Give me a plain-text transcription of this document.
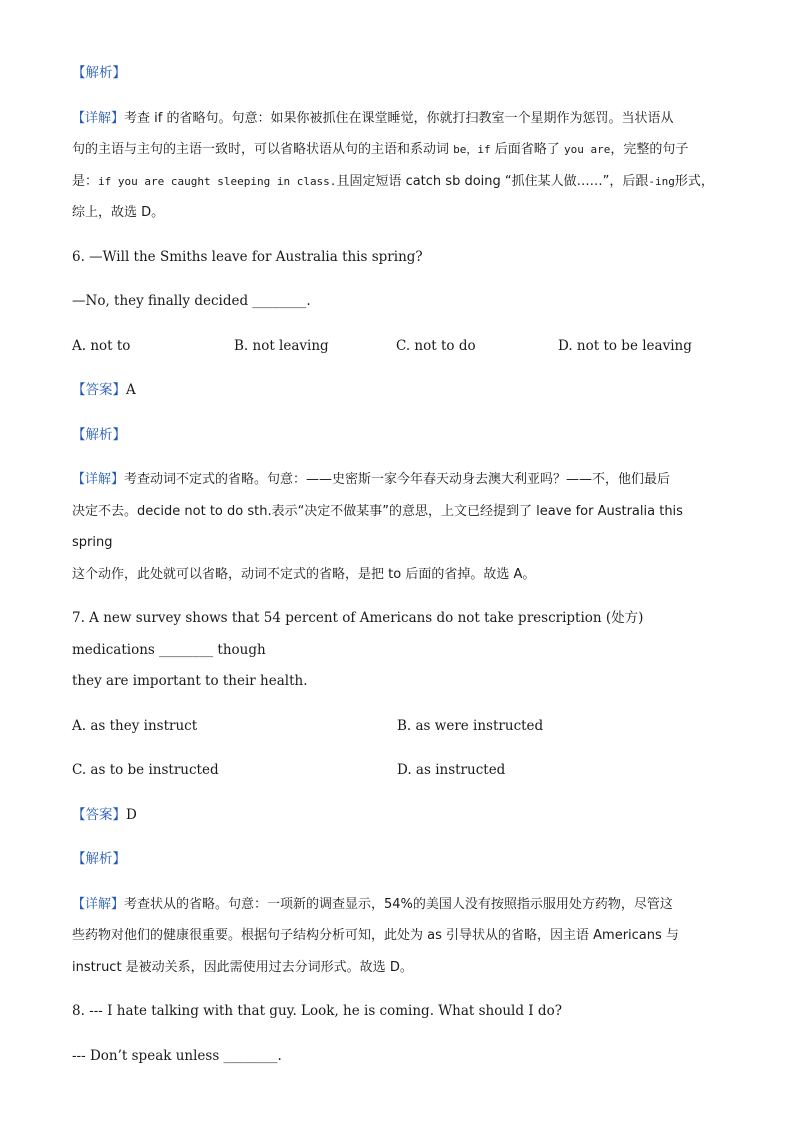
【解析】

【详解】考查 if 的省略句。句意：如果你被抓住在课堂睡觉，你就打扫教室一个星期作为惩罚。当状语从

句的主语与主句的主语一致时，可以省略状语从句的主语和系动词 be，if 后面省略了 you are，完整的句子

是：if you are caught sleeping in class.且固定短语 catch sb doing “抓住某人做……”，后跟-ing形式，

综上，故选 D。

6. —Will the Smiths leave for Australia this spring?

—No, they finally decided ________.

A. not to	B. not leaving	C. not to do	D. not to be leaving

【答案】A

【解析】

【详解】考查动词不定式的省略。句意：——史密斯一家今年春天动身去澳大利亚吗？——不，他们最后

决定不去。decide not to do sth.表示“决定不做某事”的意思，上文已经提到了 leave for Australia this spring

这个动作，此处就可以省略，动词不定式的省略，是把 to 后面的省掉。故选 A。

7. A new survey shows that 54 percent of Americans do not take prescription (处方) medications ________ though

they are important to their health.

A. as they instruct	B. as were instructed
C. as to be instructed	D. as instructed

【答案】D

【解析】

【详解】考查状从的省略。句意：一项新的调查显示，54%的美国人没有按照指示服用处方药物，尽管这

些药物对他们的健康很重要。根据句子结构分析可知，此处为 as 引导状从的省略，因主语 Americans 与

instruct 是被动关系，因此需使用过去分词形式。故选 D。

8. --- I hate talking with that guy. Look, he is coming. What should I do?

--- Don’t speak unless ________.
